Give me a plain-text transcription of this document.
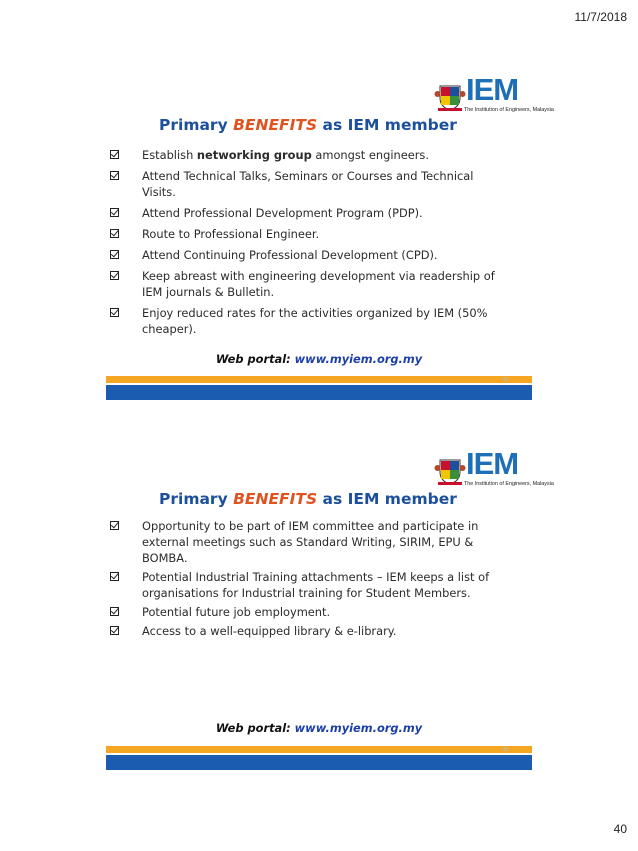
11/7/2018
IEM
The Institution of Engineers, Malaysia
Primary BENEFITS as IEM member
Establish networking group amongst engineers.
Attend Technical Talks, Seminars or Courses and Technical Visits.
Attend Professional Development Program (PDP).
Route to Professional Engineer.
Attend Continuing Professional Development (CPD).
Keep abreast with engineering development via readership of IEM journals & Bulletin.
Enjoy reduced rates for the activities organized by IEM (50% cheaper).
Web portal: www.myiem.org.my
41
IEM
The Institution of Engineers, Malaysia
Primary BENEFITS as IEM member
Opportunity to be part of IEM committee and participate in external meetings such as Standard Writing, SIRIM, EPU & BOMBA.
Potential Industrial Training attachments – IEM keeps a list of organisations for Industrial training for Student Members.
Potential future job employment.
Access to a well-equipped library & e-library.
Web portal: www.myiem.org.my
42
40
